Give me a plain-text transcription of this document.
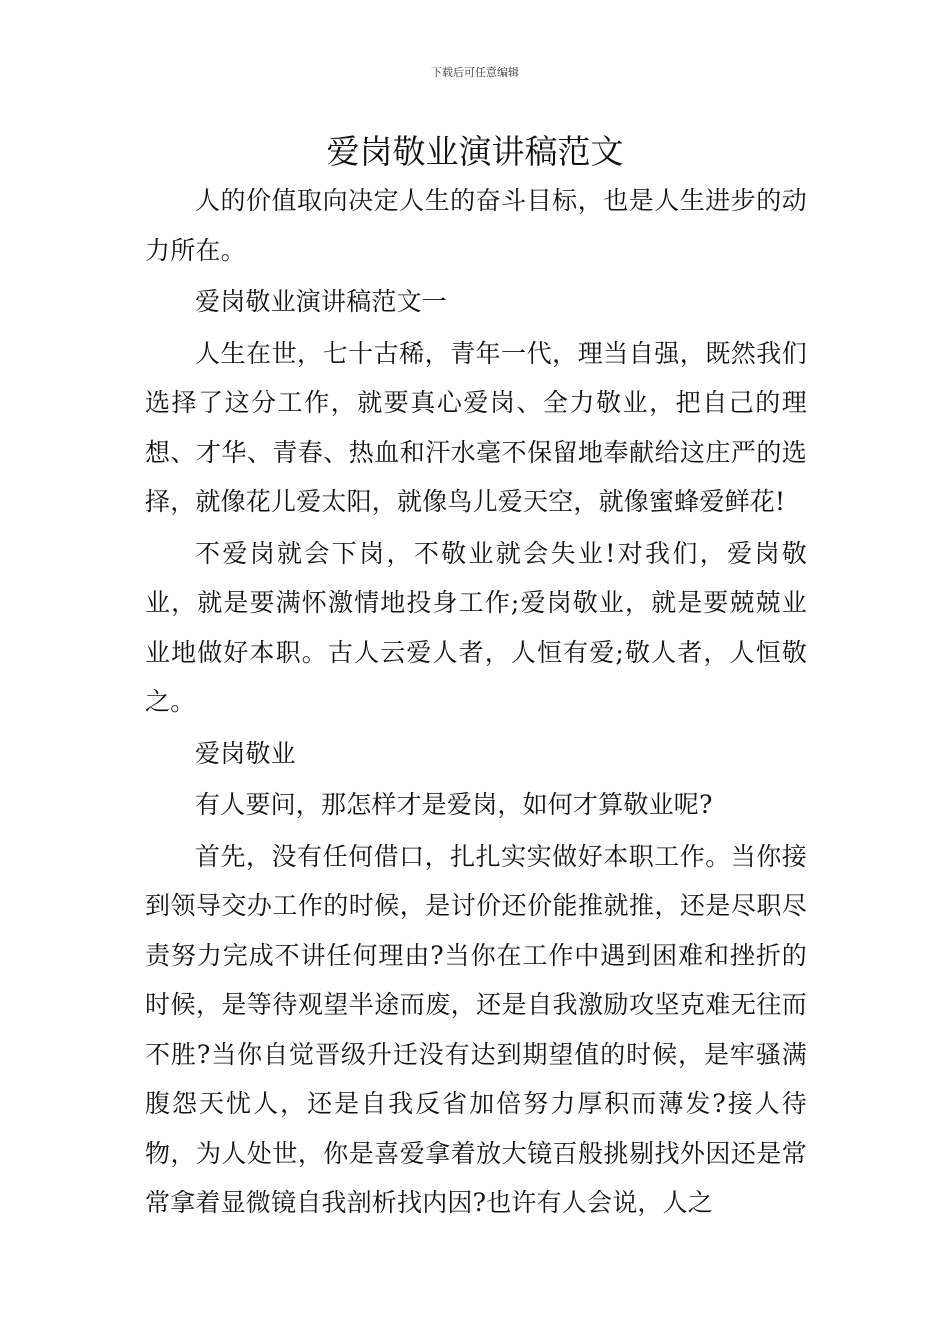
下载后可任意编辑
爱岗敬业演讲稿范文

人的价值取向决定人生的奋斗目标，也是人生进步的动力所在。

爱岗敬业演讲稿范文一

人生在世，七十古稀，青年一代，理当自强，既然我们选择了这分工作，就要真心爱岗、全力敬业，把自己的理想、才华、青春、热血和汗水毫不保留地奉献给这庄严的选择，就像花儿爱太阳，就像鸟儿爱天空，就像蜜蜂爱鲜花!

不爱岗就会下岗，不敬业就会失业!对我们，爱岗敬业，就是要满怀激情地投身工作;爱岗敬业，就是要兢兢业业地做好本职。古人云爱人者，人恒有爱;敬人者，人恒敬之。

爱岗敬业

有人要问，那怎样才是爱岗，如何才算敬业呢?

首先，没有任何借口，扎扎实实做好本职工作。当你接到领导交办工作的时候，是讨价还价能推就推，还是尽职尽责努力完成不讲任何理由?当你在工作中遇到困难和挫折的时候，是等待观望半途而废，还是自我激励攻坚克难无往而不胜?当你自觉晋级升迁没有达到期望值的时候，是牢骚满腹怨天忧人，还是自我反省加倍努力厚积而薄发?接人待物，为人处世，你是喜爱拿着放大镜百般挑剔找外因还是常常拿着显微镜自我剖析找内因?也许有人会说，人之
